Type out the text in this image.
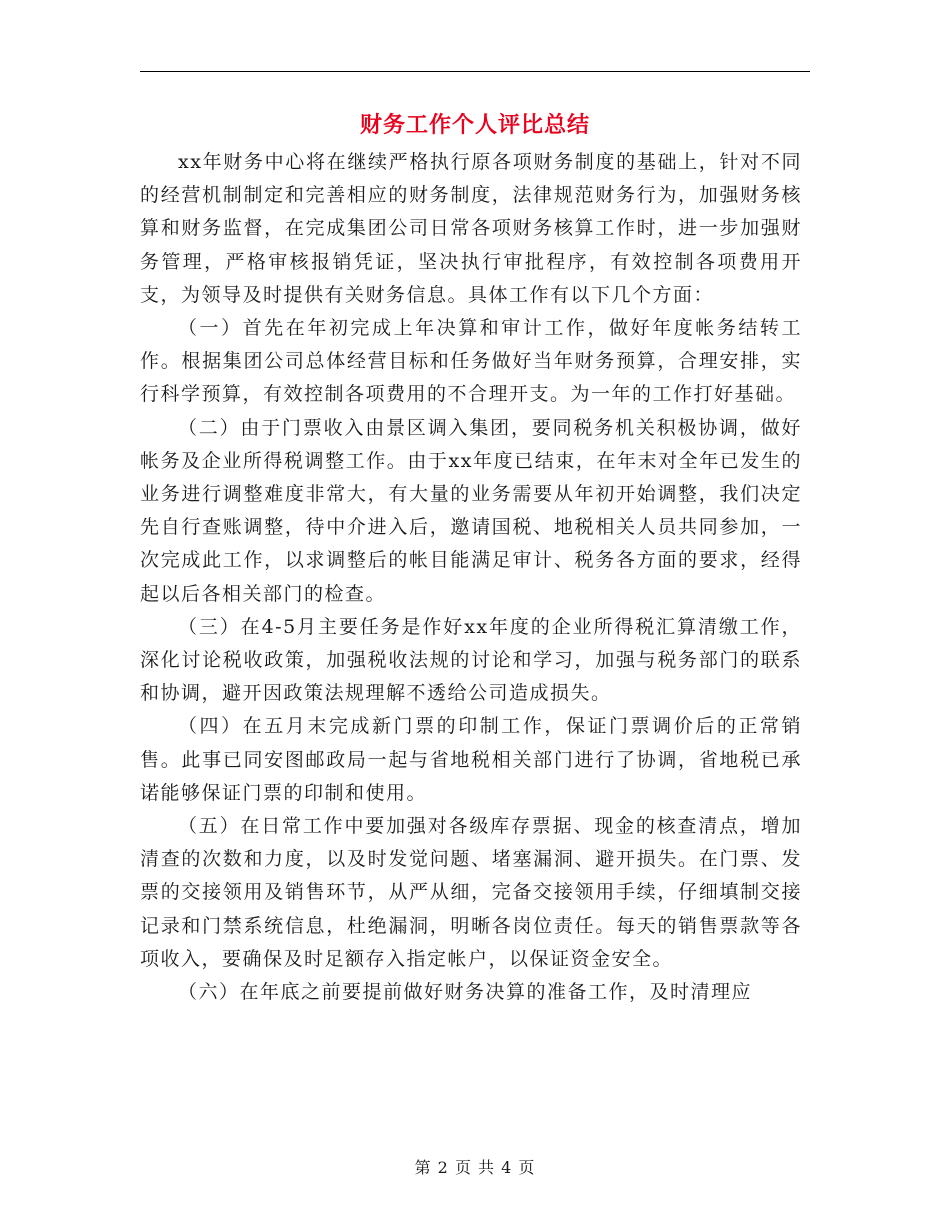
财务工作个人评比总结

xx年财务中心将在继续严格执行原各项财务制度的基础上，针对不同的经营机制制定和完善相应的财务制度，法律规范财务行为，加强财务核算和财务监督，在完成集团公司日常各项财务核算工作时，进一步加强财务管理，严格审核报销凭证，坚决执行审批程序，有效控制各项费用开支，为领导及时提供有关财务信息。具体工作有以下几个方面：

（一）首先在年初完成上年决算和审计工作，做好年度帐务结转工作。根据集团公司总体经营目标和任务做好当年财务预算，合理安排，实行科学预算，有效控制各项费用的不合理开支。为一年的工作打好基础。

（二）由于门票收入由景区调入集团，要同税务机关积极协调，做好帐务及企业所得税调整工作。由于xx年度已结束，在年末对全年已发生的业务进行调整难度非常大，有大量的业务需要从年初开始调整，我们决定先自行查账调整，待中介进入后，邀请国税、地税相关人员共同参加，一次完成此工作，以求调整后的帐目能满足审计、税务各方面的要求，经得起以后各相关部门的检查。

（三）在4-5月主要任务是作好xx年度的企业所得税汇算清缴工作，深化讨论税收政策，加强税收法规的讨论和学习，加强与税务部门的联系和协调，避开因政策法规理解不透给公司造成损失。

（四）在五月末完成新门票的印制工作，保证门票调价后的正常销售。此事已同安图邮政局一起与省地税相关部门进行了协调，省地税已承诺能够保证门票的印制和使用。

（五）在日常工作中要加强对各级库存票据、现金的核查清点，增加清查的次数和力度，以及时发觉问题、堵塞漏洞、避开损失。在门票、发票的交接领用及销售环节，从严从细，完备交接领用手续，仔细填制交接记录和门禁系统信息，杜绝漏洞，明晰各岗位责任。每天的销售票款等各项收入，要确保及时足额存入指定帐户，以保证资金安全。

（六）在年底之前要提前做好财务决算的准备工作，及时清理应

第 2 页 共 4 页
